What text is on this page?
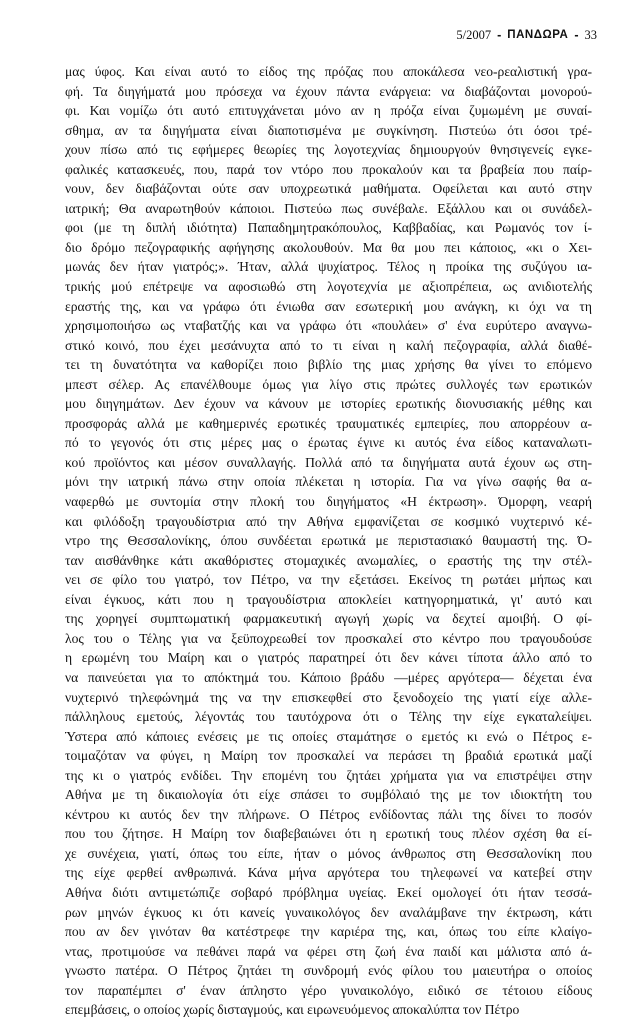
5/2007 - ΠΑΝΔΩΡΑ - 33
μας ύφος. Και είναι αυτό το είδος της πρόζας που αποκάλεσα νεο-ρεαλιστική γρα-
φή. Τα διηγήματά μου πρόσεχα να έχουν πάντα ενάργεια: να διαβάζονται μονορού-
φι. Και νομίζω ότι αυτό επιτυγχάνεται μόνο αν η πρόζα είναι ζυμωμένη με συναί-
σθημα, αν τα διηγήματα είναι διαποτισμένα με συγκίνηση. Πιστεύω ότι όσοι τρέ-
χουν πίσω από τις εφήμερες θεωρίες της λογοτεχνίας δημιουργούν θνησιγενείς εγκε-
φαλικές κατασκευές, που, παρά τον ντόρο που προκαλούν και τα βραβεία που παίρ-
νουν, δεν διαβάζονται ούτε σαν υποχρεωτικά μαθήματα. Οφείλεται και αυτό στην
ιατρική; Θα αναρωτηθούν κάποιοι. Πιστεύω πως συνέβαλε. Εξάλλου και οι συνάδελ-
φοι (με τη διπλή ιδιότητα) Παπαδημητρακόπουλος, Καββαδίας, και Ρωμανός τον ί-
διο δρόμο πεζογραφικής αφήγησης ακολουθούν. Μα θα μου πει κάποιος, «κι ο Χει-
μωνάς δεν ήταν γιατρός;». Ήταν, αλλά ψυχίατρος. Τέλος η προίκα της συζύγου ια-
τρικής μού επέτρεψε να αφοσιωθώ στη λογοτεχνία με αξιοπρέπεια, ως ανιδιοτελής
εραστής της, και να γράφω ότι ένιωθα σαν εσωτερική μου ανάγκη, κι όχι να τη
χρησιμοποιήσω ως νταβατζής και να γράφω ότι «πουλάει» σ' ένα ευρύτερο αναγνω-
στικό κοινό, που έχει μεσάνυχτα από το τι είναι η καλή πεζογραφία, αλλά διαθέ-
τει τη δυνατότητα να καθορίζει ποιο βιβλίο της μιας χρήσης θα γίνει το επόμενο
μπεστ σέλερ. Ας επανέλθουμε όμως για λίγο στις πρώτες συλλογές των ερωτικών
μου διηγημάτων. Δεν έχουν να κάνουν με ιστορίες ερωτικής διονυσιακής μέθης και
προσφοράς αλλά με καθημερινές ερωτικές τραυματικές εμπειρίες, που απορρέουν α-
πό το γεγονός ότι στις μέρες μας ο έρωτας έγινε κι αυτός ένα είδος καταναλωτι-
κού προϊόντος και μέσον συναλλαγής. Πολλά από τα διηγήματα αυτά έχουν ως στη-
μόνι την ιατρική πάνω στην οποία πλέκεται η ιστορία. Για να γίνω σαφής θα α-
ναφερθώ με συντομία στην πλοκή του διηγήματος «Η έκτρωση». Όμορφη, νεαρή
και φιλόδοξη τραγουδίστρια από την Αθήνα εμφανίζεται σε κοσμικό νυχτερινό κέ-
ντρο της Θεσσαλονίκης, όπου συνδέεται ερωτικά με περιστασιακό θαυμαστή της. Ό-
ταν αισθάνθηκε κάτι ακαθόριστες στομαχικές ανωμαλίες, ο εραστής της την στέλ-
νει σε φίλο του γιατρό, τον Πέτρο, να την εξετάσει. Εκείνος τη ρωτάει μήπως και
είναι έγκυος, κάτι που η τραγουδίστρια αποκλείει κατηγορηματικά, γι' αυτό και
της χορηγεί συμπτωματική φαρμακευτική αγωγή χωρίς να δεχτεί αμοιβή. Ο φί-
λος του ο Τέλης για να ξεϋποχρεωθεί τον προσκαλεί στο κέντρο που τραγουδούσε
η ερωμένη του Μαίρη και ο γιατρός παρατηρεί ότι δεν κάνει τίποτα άλλο από το
να παινεύεται για το απόκτημά του. Κάποιο βράδυ —μέρες αργότερα— δέχεται ένα
νυχτερινό τηλεφώνημά της να την επισκεφθεί στο ξενοδοχείο της γιατί είχε αλλε-
πάλληλους εμετούς, λέγοντάς του ταυτόχρονα ότι ο Τέλης την είχε εγκαταλείψει.
Ύστερα από κάποιες ενέσεις με τις οποίες σταμάτησε ο εμετός κι ενώ ο Πέτρος ε-
τοιμαζόταν να φύγει, η Μαίρη τον προσκαλεί να περάσει τη βραδιά ερωτικά μαζί
της κι ο γιατρός ενδίδει. Την επομένη του ζητάει χρήματα για να επιστρέψει στην
Αθήνα με τη δικαιολογία ότι είχε σπάσει το συμβόλαιό της με τον ιδιοκτήτη του
κέντρου κι αυτός δεν την πλήρωνε. Ο Πέτρος ενδίδοντας πάλι της δίνει το ποσόν
που του ζήτησε. Η Μαίρη τον διαβεβαιώνει ότι η ερωτική τους πλέον σχέση θα εί-
χε συνέχεια, γιατί, όπως του είπε, ήταν ο μόνος άνθρωπος στη Θεσσαλονίκη που
της είχε φερθεί ανθρωπινά. Κάνα μήνα αργότερα του τηλεφωνεί να κατεβεί στην
Αθήνα διότι αντιμετώπιζε σοβαρό πρόβλημα υγείας. Εκεί ομολογεί ότι ήταν τεσσά-
ρων μηνών έγκυος κι ότι κανείς γυναικολόγος δεν αναλάμβανε την έκτρωση, κάτι
που αν δεν γινόταν θα κατέστρεφε την καριέρα της, και, όπως του είπε κλαίγο-
ντας, προτιμούσε να πεθάνει παρά να φέρει στη ζωή ένα παιδί και μάλιστα από ά-
γνωστο πατέρα. Ο Πέτρος ζητάει τη συνδρομή ενός φίλου του μαιευτήρα ο οποίος
τον παραπέμπει σ' έναν άπληστο γέρο γυναικολόγο, ειδικό σε τέτοιου είδους
επεμβάσεις, ο οποίος χωρίς δισταγμούς, και ειρωνευόμενος αποκαλύπτα τον Πέτρο
